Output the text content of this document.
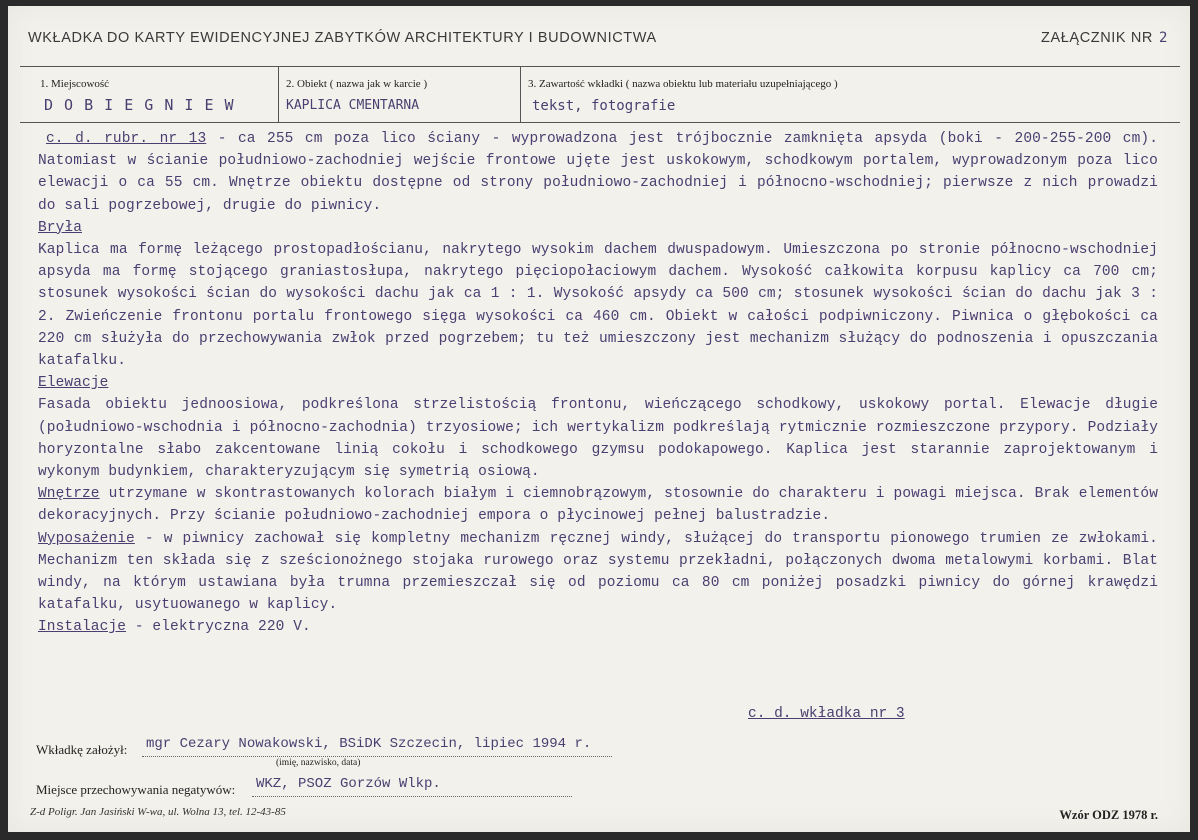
WKŁADKA DO KARTY EWIDENCYJNEJ ZABYTKÓW ARCHITEKTURY I BUDOWNICTWA	ZAŁĄCZNIK NR 2
1. Miejscowość
D O B I E G N I E W
2. Obiekt ( nazwa jak w karcie )
KAPLICA CMENTARNA
3. Zawartość wkładki ( nazwa obiektu lub materiału uzupełniającego )
tekst, fotografie

c. d. rubr. nr 13 - ca 255 cm poza lico ściany - wyprowadzona jest trójbocznie zamknięta apsyda (boki - 200-255-200 cm). Natomiast w ścianie południowo-zachodniej wejście frontowe ujęte jest uskokowym, schodkowym portalem, wyprowadzonym poza lico elewacji o ca 55 cm. Wnętrze obiektu dostępne od strony południowo-zachodniej i północno-wschodniej; pierwsze z nich prowadzi do sali pogrzebowej, drugie do piwnicy.

Bryła

Kaplica ma formę leżącego prostopadłościanu, nakrytego wysokim dachem dwuspadowym. Umieszczona po stronie północno-wschodniej apsyda ma formę stojącego graniastosłupa, nakrytego pięciopołaciowym dachem. Wysokość całkowita korpusu kaplicy ca 700 cm; stosunek wysokości ścian do wysokości dachu jak ca 1 : 1. Wysokość apsydy ca 500 cm; stosunek wysokości ścian do dachu jak 3 : 2. Zwieńczenie frontonu portalu frontowego sięga wysokości ca 460 cm. Obiekt w całości podpiwniczony. Piwnica o głębokości ca 220 cm służyła do przechowywania zwłok przed pogrzebem; tu też umieszczony jest mechanizm służący do podnoszenia i opuszczania katafalku.

Elewacje

Fasada obiektu jednoosiowa, podkreślona strzelistością frontonu, wieńczącego schodkowy, uskokowy portal. Elewacje długie (południowo-wschodnia i północno-zachodnia) trzyosiowe; ich wertykalizm podkreślają rytmicznie rozmieszczone przypory. Podziały horyzontalne słabo zakcentowane linią cokołu i schodkowego gzymsu podokapowego. Kaplica jest starannie zaprojektowanym i wykonym budynkiem, charakteryzującym się symetrią osiową.

Wnętrze utrzymane w skontrastowanych kolorach białym i ciemnobrązowym, stosownie do charakteru i powagi miejsca. Brak elementów dekoracyjnych. Przy ścianie południowo-zachodniej empora o płycinowej pełnej balustradzie.

Wyposażenie - w piwnicy zachował się kompletny mechanizm ręcznej windy, służącej do transportu pionowego trumien ze zwłokami. Mechanizm ten składa się z sześcionożnego stojaka rurowego oraz systemu przekładni, połączonych dwoma metalowymi korbami. Blat windy, na którym ustawiana była trumna przemieszczał się od poziomu ca 80 cm poniżej posadzki piwnicy do górnej krawędzi katafalku, usytuowanego w kaplicy.

Instalacje - elektryczna 220 V.

c. d. wkładka nr 3
Wkładkę założył: mgr Cezary Nowakowski, BSiDK Szczecin, lipiec 1994 r.
(imię, nazwisko, data)
Miejsce przechowywania negatywów: WKZ, PSOZ Gorzów Wlkp.
Z-d Poligr. Jan Jasiński W-wa, ul. Wolna 13, tel. 12-43-85	Wzór ODZ 1978 r.
